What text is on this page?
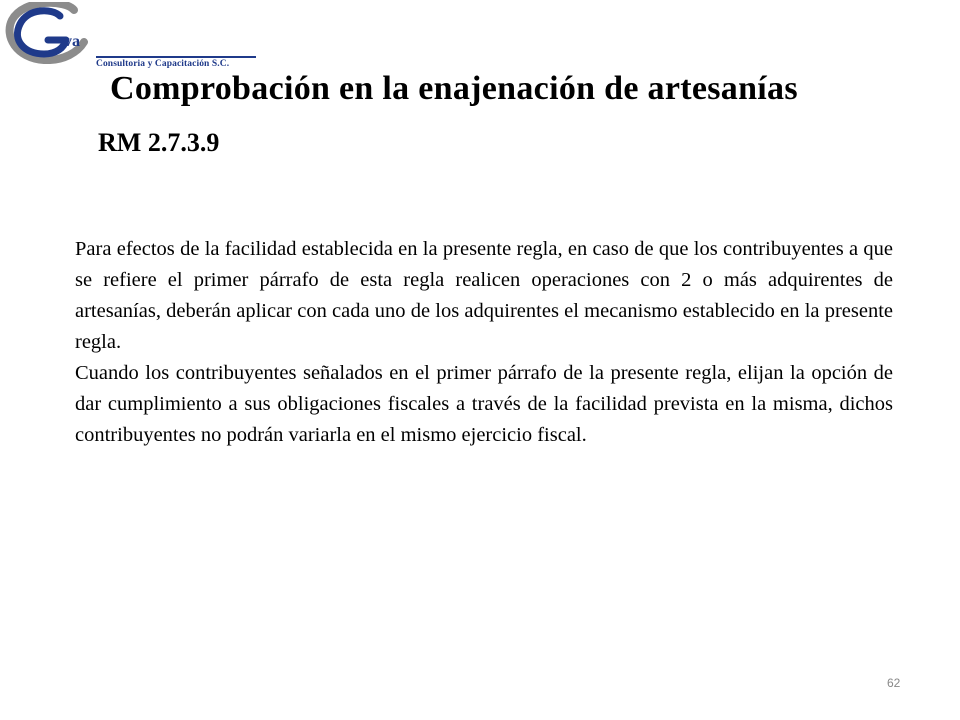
va
Consultoria y Capacitación S.C.
Comprobación en la enajenación de artesanías
RM 2.7.3.9

Para efectos de la facilidad establecida en la presente regla, en caso de que los contribuyentes a que se refiere el primer párrafo de esta regla realicen operaciones con 2 o más adquirentes de artesanías, deberán aplicar con cada uno de los adquirentes el mecanismo establecido en la presente regla.

Cuando los contribuyentes señalados en el primer párrafo de la presente regla, elijan la opción de dar cumplimiento a sus obligaciones fiscales a través de la facilidad prevista en la misma, dichos contribuyentes no podrán variarla en el mismo ejercicio fiscal.

62
